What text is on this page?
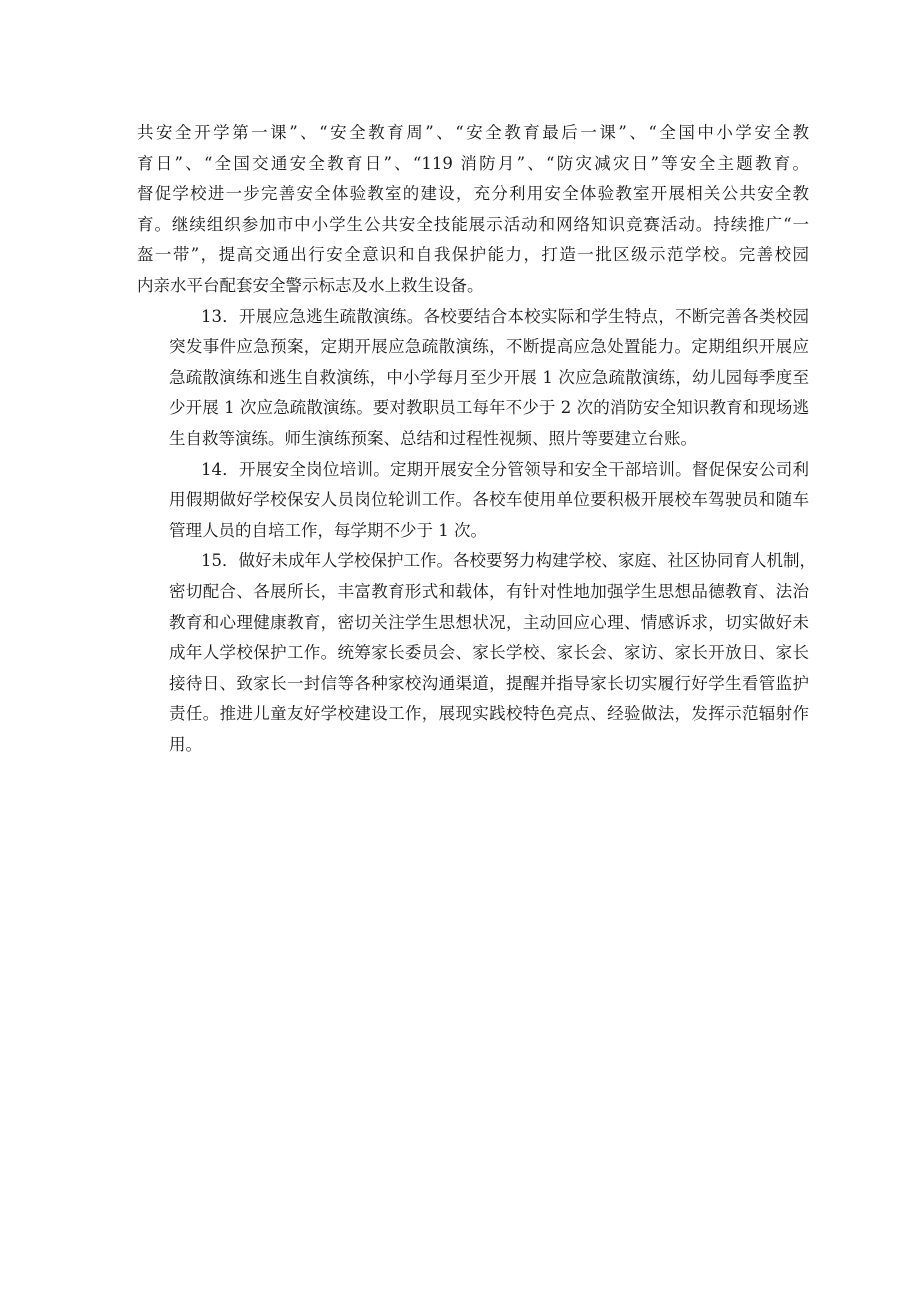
共安全开学第一课”、“安全教育周”、“安全教育最后一课”、“全国中小学安全教
育日”、“全国交通安全教育日”、“119 消防月”、“防灾减灾日”等安全主题教育。
督促学校进一步完善安全体验教室的建设，充分利用安全体验教室开展相关公共安全教
育。继续组织参加市中小学生公共安全技能展示活动和网络知识竞赛活动。持续推广“一
盔一带”，提高交通出行安全意识和自我保护能力，打造一批区级示范学校。完善校园
内亲水平台配套安全警示标志及水上救生设备。
13．开展应急逃生疏散演练。各校要结合本校实际和学生特点，不断完善各类校园
突发事件应急预案，定期开展应急疏散演练，不断提高应急处置能力。定期组织开展应
急疏散演练和逃生自救演练，中小学每月至少开展 1 次应急疏散演练，幼儿园每季度至
少开展 1 次应急疏散演练。要对教职员工每年不少于 2 次的消防安全知识教育和现场逃
生自救等演练。师生演练预案、总结和过程性视频、照片等要建立台账。
14．开展安全岗位培训。定期开展安全分管领导和安全干部培训。督促保安公司利
用假期做好学校保安人员岗位轮训工作。各校车使用单位要积极开展校车驾驶员和随车
管理人员的自培工作，每学期不少于 1 次。
15．做好未成年人学校保护工作。各校要努力构建学校、家庭、社区协同育人机制，
密切配合、各展所长，丰富教育形式和载体，有针对性地加强学生思想品德教育、法治
教育和心理健康教育，密切关注学生思想状况，主动回应心理、情感诉求，切实做好未
成年人学校保护工作。统筹家长委员会、家长学校、家长会、家访、家长开放日、家长
接待日、致家长一封信等各种家校沟通渠道，提醒并指导家长切实履行好学生看管监护
责任。推进儿童友好学校建设工作，展现实践校特色亮点、经验做法，发挥示范辐射作
用。
